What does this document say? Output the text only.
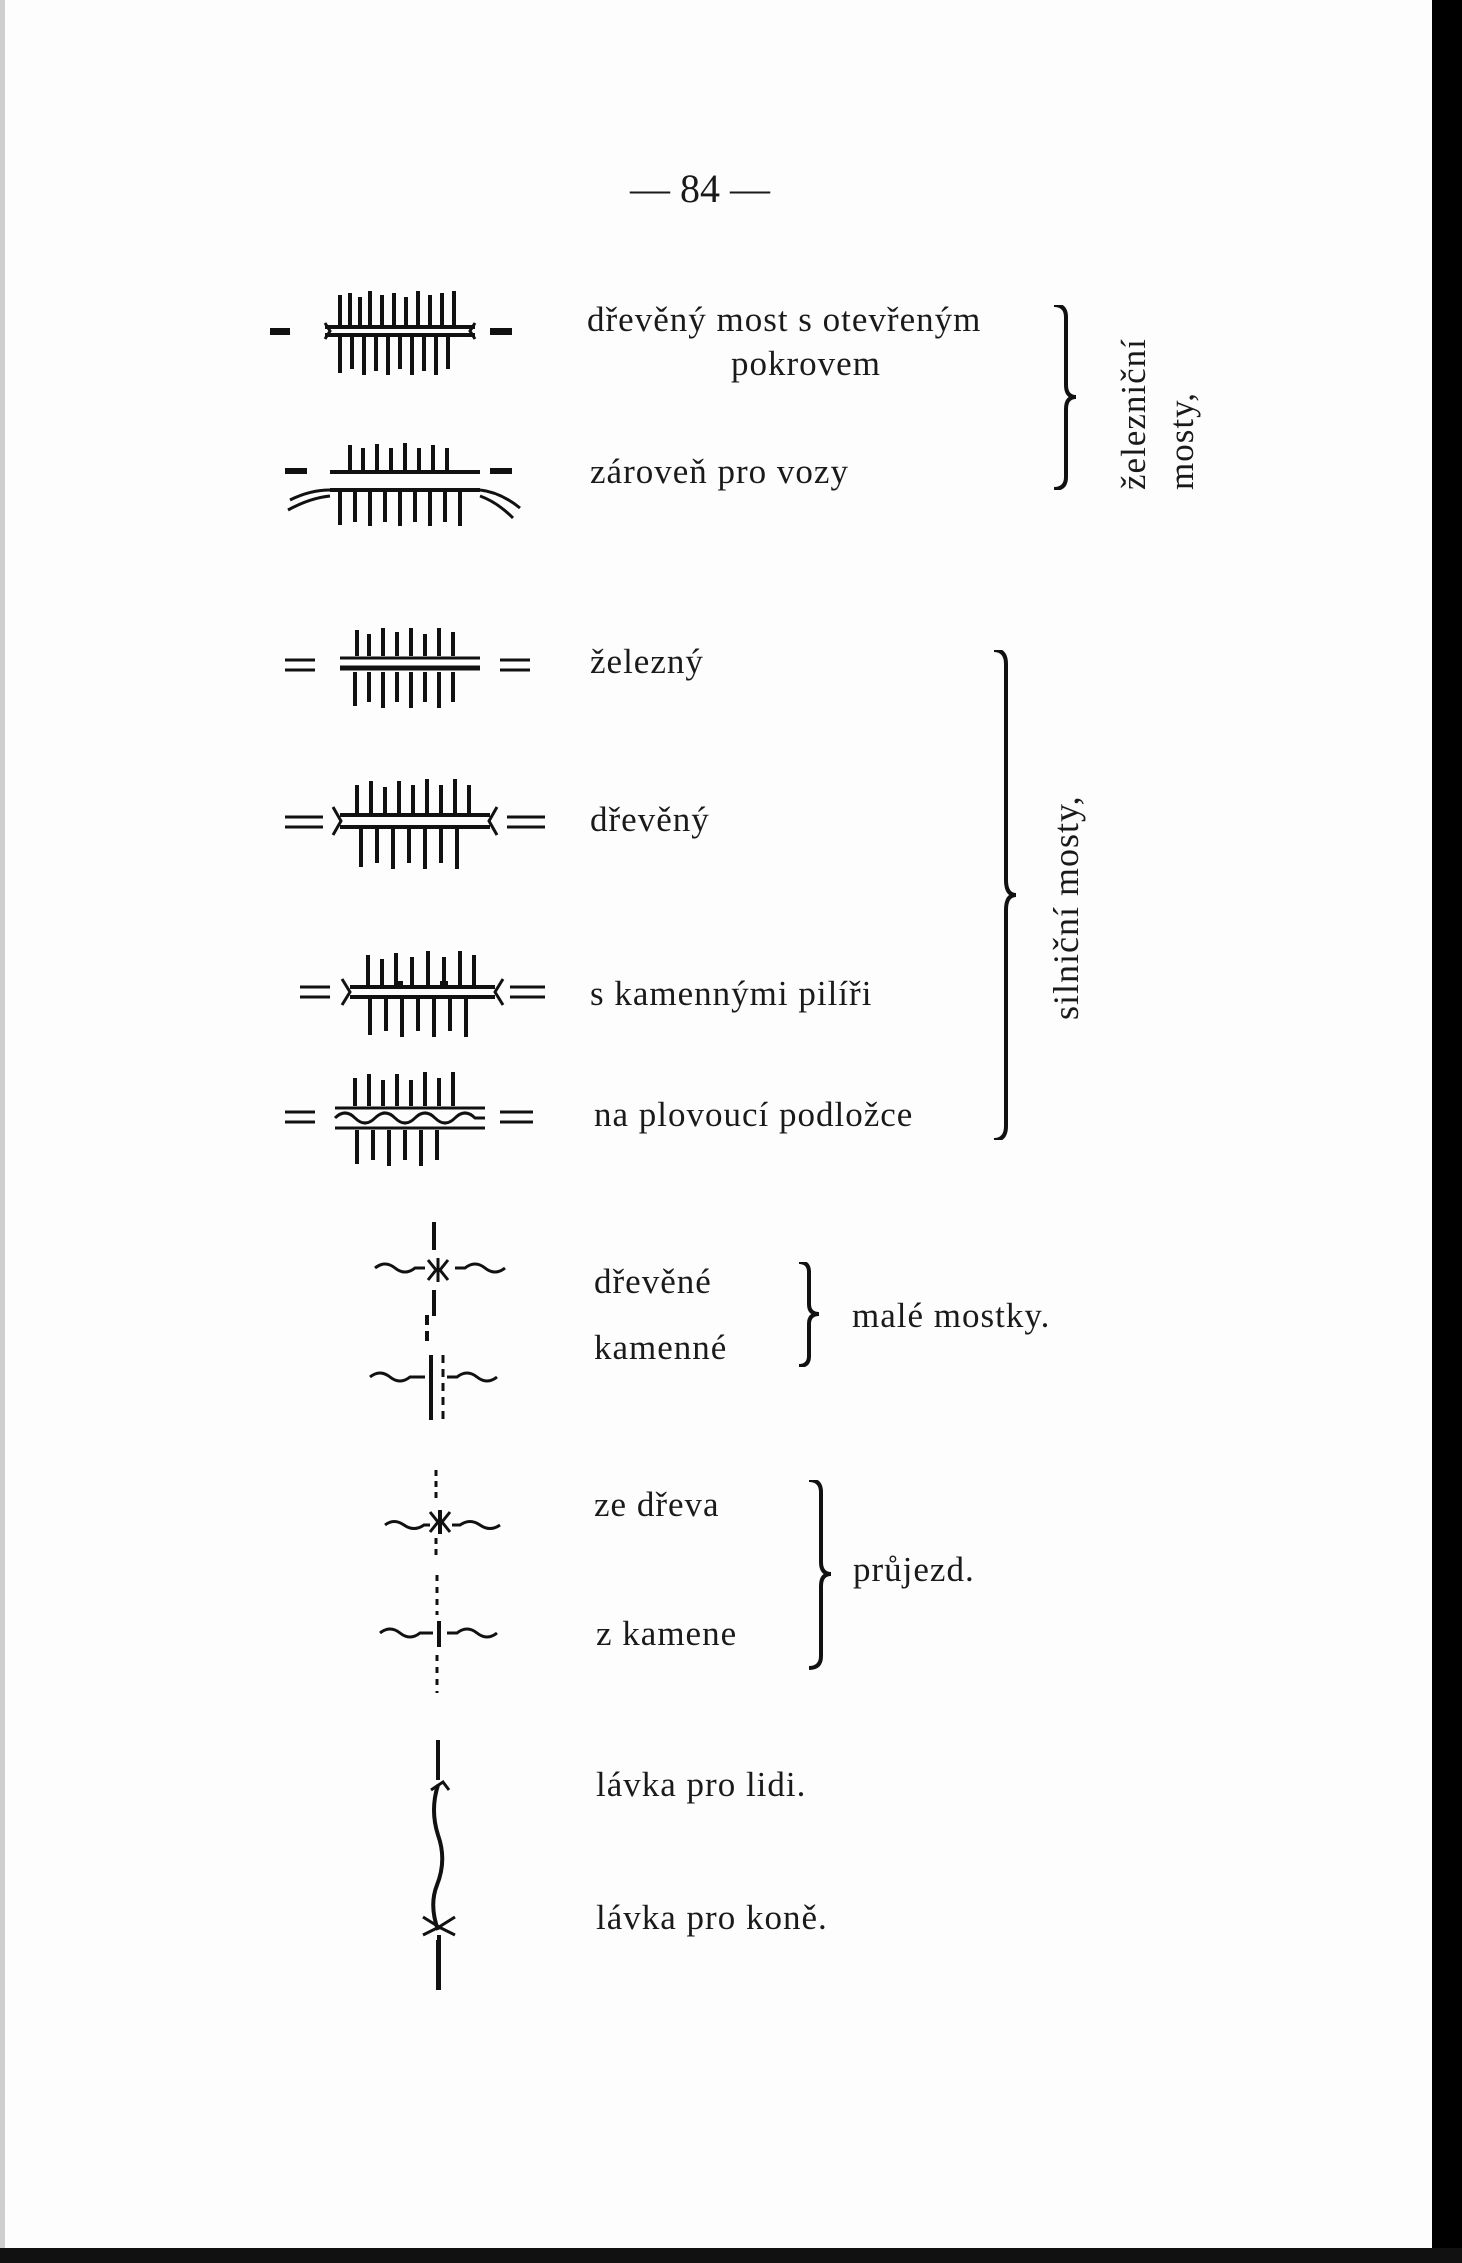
— 84 —
dřevěný most s otevřeným
pokrovem
zároveň pro vozy	železniční mosty,
železný
dřevěný
s kamennými pilíři
na plovoucí podložce
silniční mosty,
dřevěné
kamenné
malé mostky.
ze dřeva
z kamene
průjezd.
lávka pro lidi.
lávka pro koně.
